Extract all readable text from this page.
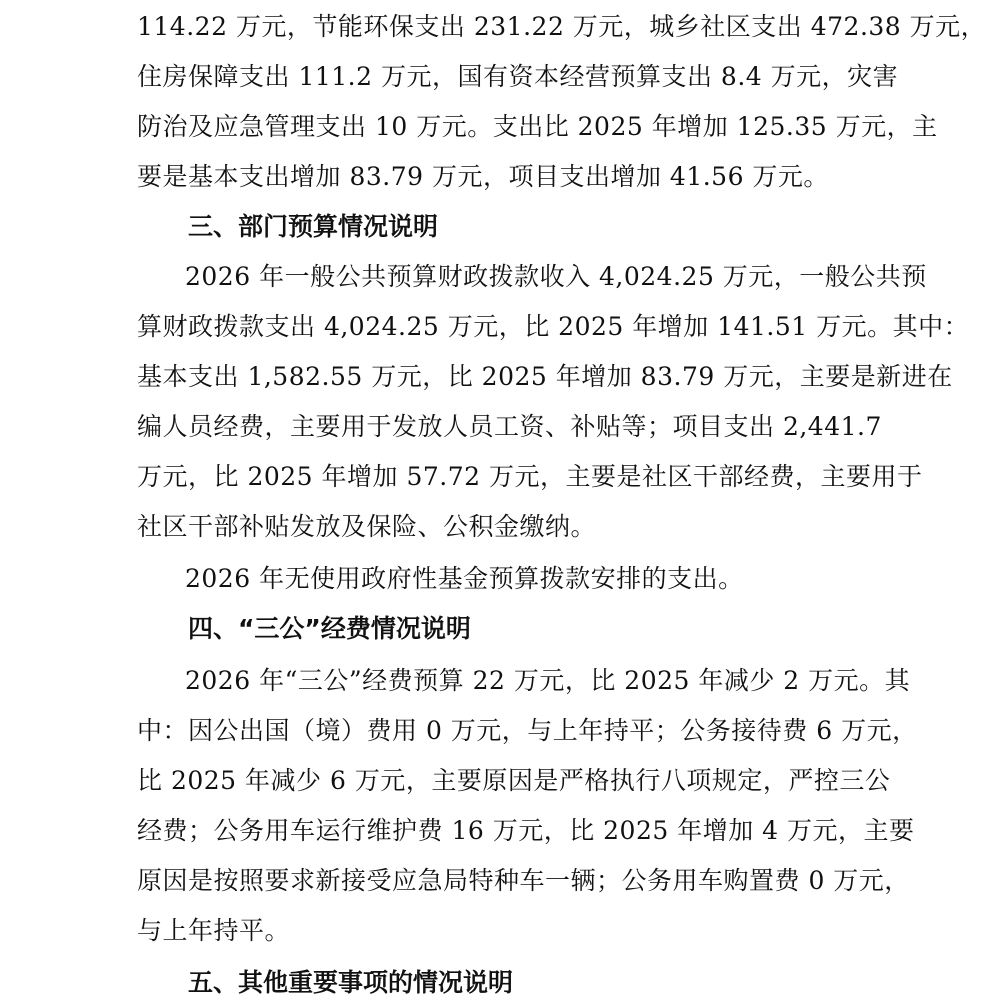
114.22 万元，节能环保支出 231.22 万元，城乡社区支出 472.38 万元，
住房保障支出 111.2 万元，国有资本经营预算支出 8.4 万元，灾害
防治及应急管理支出 10 万元。支出比 2025 年增加 125.35 万元，主
要是基本支出增加 83.79 万元，项目支出增加 41.56 万元。
三、部门预算情况说明
2026 年一般公共预算财政拨款收入 4,024.25 万元，一般公共预
算财政拨款支出 4,024.25 万元，比 2025 年增加 141.51 万元。其中：
基本支出 1,582.55 万元，比 2025 年增加 83.79 万元，主要是新进在
编人员经费，主要用于发放人员工资、补贴等；项目支出 2,441.7
万元，比 2025 年增加 57.72 万元，主要是社区干部经费，主要用于
社区干部补贴发放及保险、公积金缴纳。
2026 年无使用政府性基金预算拨款安排的支出。
四、“三公”经费情况说明
2026 年“三公”经费预算 22 万元，比 2025 年减少 2 万元。其
中：因公出国（境）费用 0 万元，与上年持平；公务接待费 6 万元，
比 2025 年减少 6 万元，主要原因是严格执行八项规定，严控三公
经费；公务用车运行维护费 16 万元，比 2025 年增加 4 万元，主要
原因是按照要求新接受应急局特种车一辆；公务用车购置费 0 万元，
与上年持平。
五、其他重要事项的情况说明
